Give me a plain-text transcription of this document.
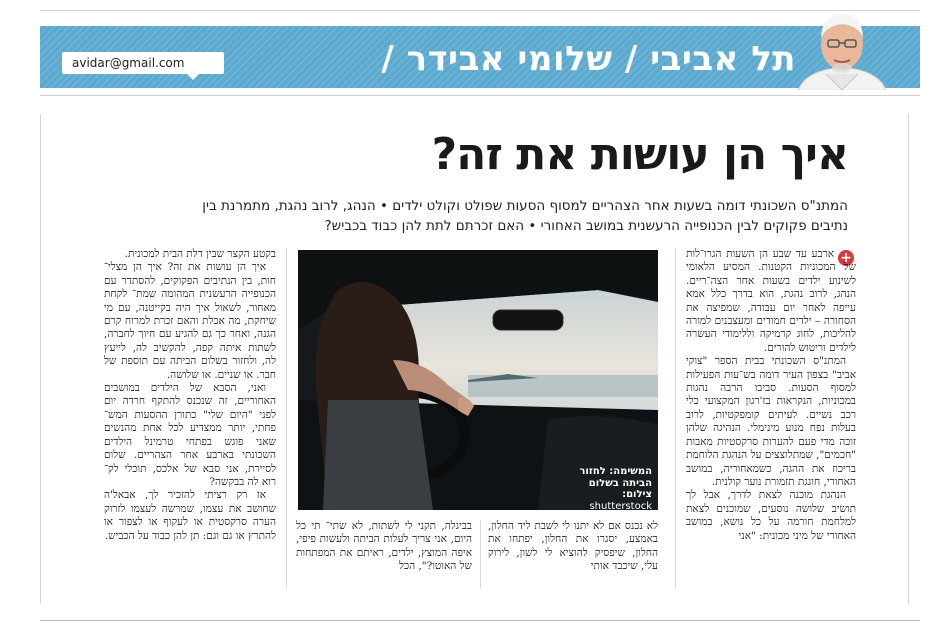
תל אביבי / שלומי אבידר /
avidar@gmail.com
איך הן עושות את זה?
המתנ"ס השכונתי דומה בשעות אחר הצהריים למסוף הסעות שפולט וקולט ילדים • הנהג, לרוב נהגת, מתמרנת בין
נתיבים פקוקים לבין הכנופייה הרעשנית במושב האחורי • האם זכרתם לתת להן כבוד בכביש?
+

ארבע עד שבע הן השעות הגרו־לות של המכוניות הקטנות. המסיע הלאומי לשינוע ילדים בשעות אחר הצה־ריים. הנהג, לרוב נהגת, הוא בדרך כלל אמא עייפה לאחר יום עבודה, שמפיצה את הסחורה – ילדים חמודים ומעצבנים למורה להליכות, לחוג קרמיקה וללימודי העשרה לילדים וריטוש להורים.

המתנ"ס השכונתי בבית הספר "צוקי אביב" בצפון העיר דומה בש־עות הפעילות למסוף הסעות. סביבו הרבה נהגות במכוניות, הנקראות בז'רגון המקצועי כלי רכב נשיים. לעיתים קומפקטיות, לרוב בעלות נפח מנוע מינימלי. הנהיגה שלהן זוכה מדי פעם להערות סרקסטיות מאבות "חכמים", שמתלוצצים על הנהגת הלוחמת בריכוז את ההגה, כשמאחוריה, במושב האחורי, חוגגת תזמורת נוער קולנית.

הנהגת מוכנה לצאת לדרך, אבל לך תושיב שלושה נוסעים, שמוכנים לצאת למלחמת חורמה על כל נושא, במושב האחורי של מיני מכונית: "אני

המשימה: לחזור
הביתה בשלום
צילום: shutterstock

לא נכנס אם לא יתנו לי לשבת ליד החלון, באמצע, יסגרו את החלון, יפתחו את החלון, שיפסיק להוציא לי לשון, לירוק עלי, שיכבד אותי

בביגלה, תקני לי לשתות, לא שתי־ תי כל היום, אני צריך לעלות הביתה ולעשות פיפי, איפה המוצץ, ילדים, ראיתם את המפתחות של האוטו?", הכל

בקטע הקצר שבין דלת הבית למכונית.

איך הן עושות את זה? איך הן מצלי־ חות, בין הנתיבים הפקוקים, להסתדר עם הכנופייה הרעשנית המהומה שמת־ לקחת מאחור, לשאול איך היה בקייטנה, עם מי שיחקת, מה אכלת והאם זכרת למרוח קרם הגנה, ואחר כך גם להגיע עם חיוך לחברה, לשתות איתה קפה, להקשיב לה, לייעץ לה, ולחזור בשלום הביתה עם תוספת של חבר. או שניים. או שלושה.

ואני, הסבא של הילדים במושבים האחוריים, זה שנכנס להתקף חרדה יום לפני "היום שלי" כתורן ההסעות המש־ פחתי, יותר ממצדיע לכל אחת מהנשים שאני פוגש בפתחי טרמינל הילדים השכונתי בארבע אחר הצהריים. שלום לסיירת, אני סבא של אלכס, תוכלי לק־ רוא לה בבקשה?

אז רק רציתי להזכיר לך, אבאל'ה שחושב את עצמו, שמרשה לעצמו לזרוק הערה סרקסטית או לעקוף או לצפור או להתרץ או גם וגם: תן להן כבוד על הכביש.
